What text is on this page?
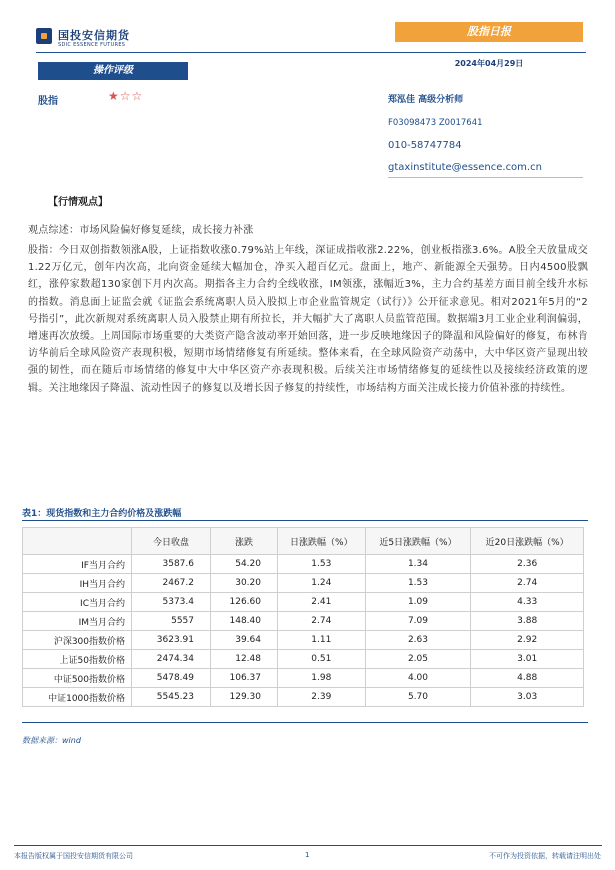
国投安信期货
SDIC ESSENCE FUTURES
股指日报
2024年04月29日
操作评级
股指	★☆☆	郑泓佳 高级分析师
F03098473 Z0017641
010-58747784
gtaxinstitute@essence.com.cn
【行情观点】
观点综述：市场风险偏好修复延续，成长接力补涨
股指：今日双创指数领涨A股，上证指数收涨0.79%站上年线，深证成指收涨2.22%，创业板指涨3.6%。A股全天放量成交1.22万亿元，创年内次高，北向资金延续大幅加仓，净买入超百亿元。盘面上，地产、新能源全天强势。日内4500股飘红，涨停家数超130家创下月内次高。期指各主力合约全线收涨，IM领涨，涨幅近3%，主力合约基差方面目前全线升水标的指数。消息面上证监会就《证监会系统离职人员入股拟上市企业监管规定（试行）》公开征求意见。相对2021年5月的“2号指引”，此次新规对系统离职人员入股禁止期有所拉长，并大幅扩大了离职人员监管范围。数据端3月工业企业利润偏弱，增速再次放缓。上周国际市场重要的大类资产隐含波动率开始回落，进一步反映地缘因子的降温和风险偏好的修复，布林肯访华前后全球风险资产表现积极，短期市场情绪修复有所延续。整体来看，在全球风险资产动荡中，大中华区资产显现出较强的韧性，而在随后市场情绪的修复中大中华区资产亦表现积极。后续关注市场情绪修复的延续性以及接续经济政策的逻辑。关注地缘因子降温、流动性因子的修复以及增长因子修复的持续性，市场结构方面关注成长接力价值补涨的持续性。
表1：现货指数和主力合约价格及涨跌幅
	今日收盘	涨跌	日涨跌幅（%）	近5日涨跌幅（%）	近20日涨跌幅（%）
IF当月合约	3587.6	54.20	1.53	1.34	2.36
IH当月合约	2467.2	30.20	1.24	1.53	2.74
IC当月合约	5373.4	126.60	2.41	1.09	4.33
IM当月合约	5557	148.40	2.74	7.09	3.88
沪深300指数价格	3623.91	39.64	1.11	2.63	2.92
上证50指数价格	2474.34	12.48	0.51	2.05	3.01
中证500指数价格	5478.49	106.37	1.98	4.00	4.88
中证1000指数价格	5545.23	129.30	2.39	5.70	3.03
数据来源：wind
本报告版权属于国投安信期货有限公司	1	不可作为投资依据，转载请注明出处
